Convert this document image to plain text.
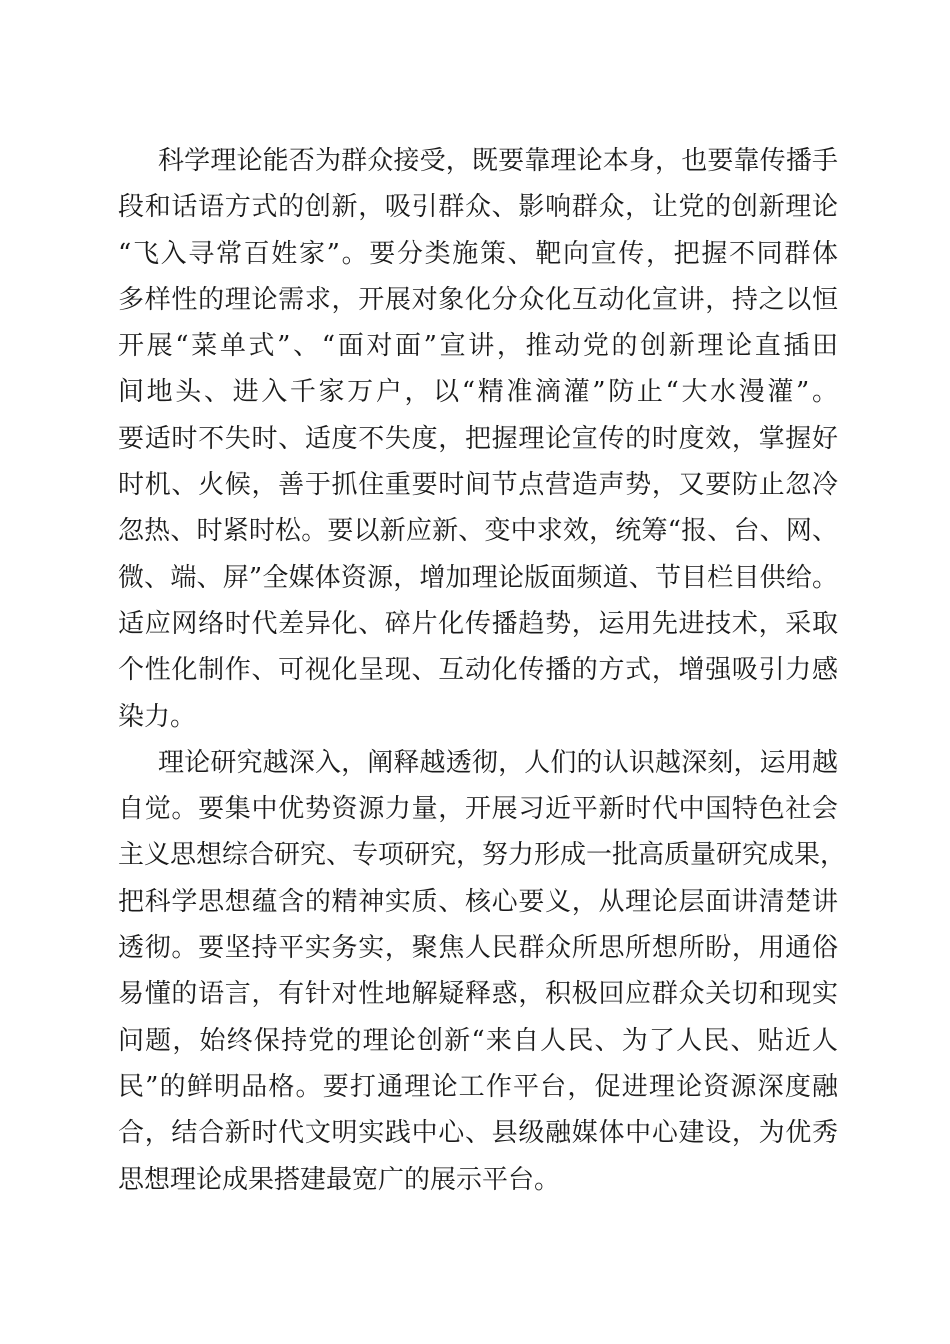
科学理论能否为群众接受，既要靠理论本身，也要靠传播手
段和话语方式的创新，吸引群众、影响群众，让党的创新理论
“飞入寻常百姓家”。要分类施策、靶向宣传，把握不同群体
多样性的理论需求，开展对象化分众化互动化宣讲，持之以恒
开展“菜单式”、“面对面”宣讲，推动党的创新理论直插田
间地头、进入千家万户，以“精准滴灌”防止“大水漫灌”。
要适时不失时、适度不失度，把握理论宣传的时度效，掌握好
时机、火候，善于抓住重要时间节点营造声势，又要防止忽冷
忽热、时紧时松。要以新应新、变中求效，统筹“报、台、网、
微、端、屏”全媒体资源，增加理论版面频道、节目栏目供给。
适应网络时代差异化、碎片化传播趋势，运用先进技术，采取
个性化制作、可视化呈现、互动化传播的方式，增强吸引力感
染力。
理论研究越深入，阐释越透彻，人们的认识越深刻，运用越
自觉。要集中优势资源力量，开展习近平新时代中国特色社会
主义思想综合研究、专项研究，努力形成一批高质量研究成果，
把科学思想蕴含的精神实质、核心要义，从理论层面讲清楚讲
透彻。要坚持平实务实，聚焦人民群众所思所想所盼，用通俗
易懂的语言，有针对性地解疑释惑，积极回应群众关切和现实
问题，始终保持党的理论创新“来自人民、为了人民、贴近人
民”的鲜明品格。要打通理论工作平台，促进理论资源深度融
合，结合新时代文明实践中心、县级融媒体中心建设，为优秀
思想理论成果搭建最宽广的展示平台。
